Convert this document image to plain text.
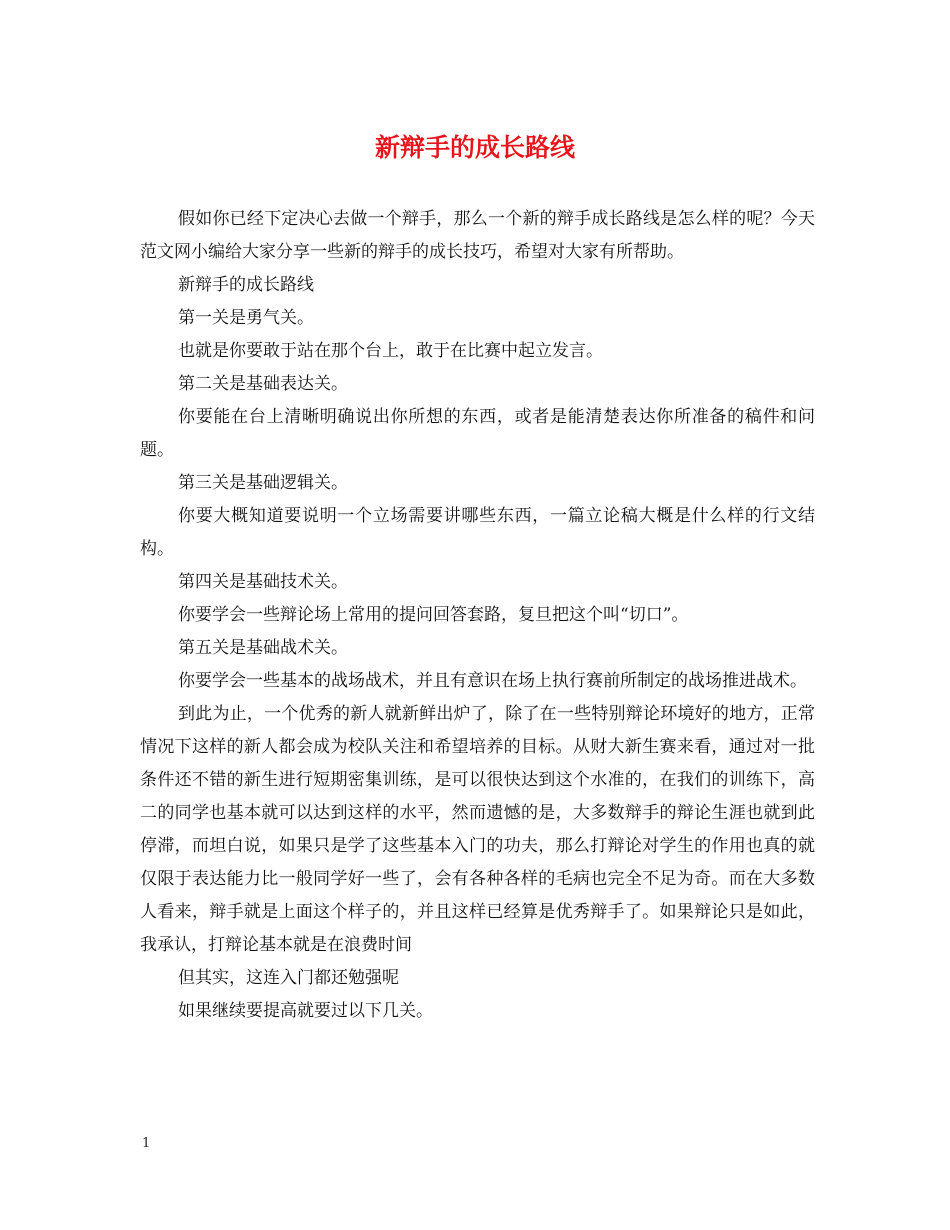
新辩手的成长路线

假如你已经下定决心去做一个辩手，那么一个新的辩手成长路线是怎么样的呢？今天范文网小编给大家分享一些新的辩手的成长技巧，希望对大家有所帮助。

新辩手的成长路线

第一关是勇气关。

也就是你要敢于站在那个台上，敢于在比赛中起立发言。

第二关是基础表达关。

你要能在台上清晰明确说出你所想的东西，或者是能清楚表达你所准备的稿件和问题。

第三关是基础逻辑关。

你要大概知道要说明一个立场需要讲哪些东西，一篇立论稿大概是什么样的行文结构。

第四关是基础技术关。

你要学会一些辩论场上常用的提问回答套路，复旦把这个叫“切口”。

第五关是基础战术关。

你要学会一些基本的战场战术，并且有意识在场上执行赛前所制定的战场推进战术。

到此为止，一个优秀的新人就新鲜出炉了，除了在一些特别辩论环境好的地方，正常情况下这样的新人都会成为校队关注和希望培养的目标。从财大新生赛来看，通过对一批条件还不错的新生进行短期密集训练，是可以很快达到这个水准的，在我们的训练下，高二的同学也基本就可以达到这样的水平，然而遗憾的是，大多数辩手的辩论生涯也就到此停滞，而坦白说，如果只是学了这些基本入门的功夫，那么打辩论对学生的作用也真的就仅限于表达能力比一般同学好一些了，会有各种各样的毛病也完全不足为奇。而在大多数人看来，辩手就是上面这个样子的，并且这样已经算是优秀辩手了。如果辩论只是如此，我承认，打辩论基本就是在浪费时间

但其实，这连入门都还勉强呢

如果继续要提高就要过以下几关。

1
